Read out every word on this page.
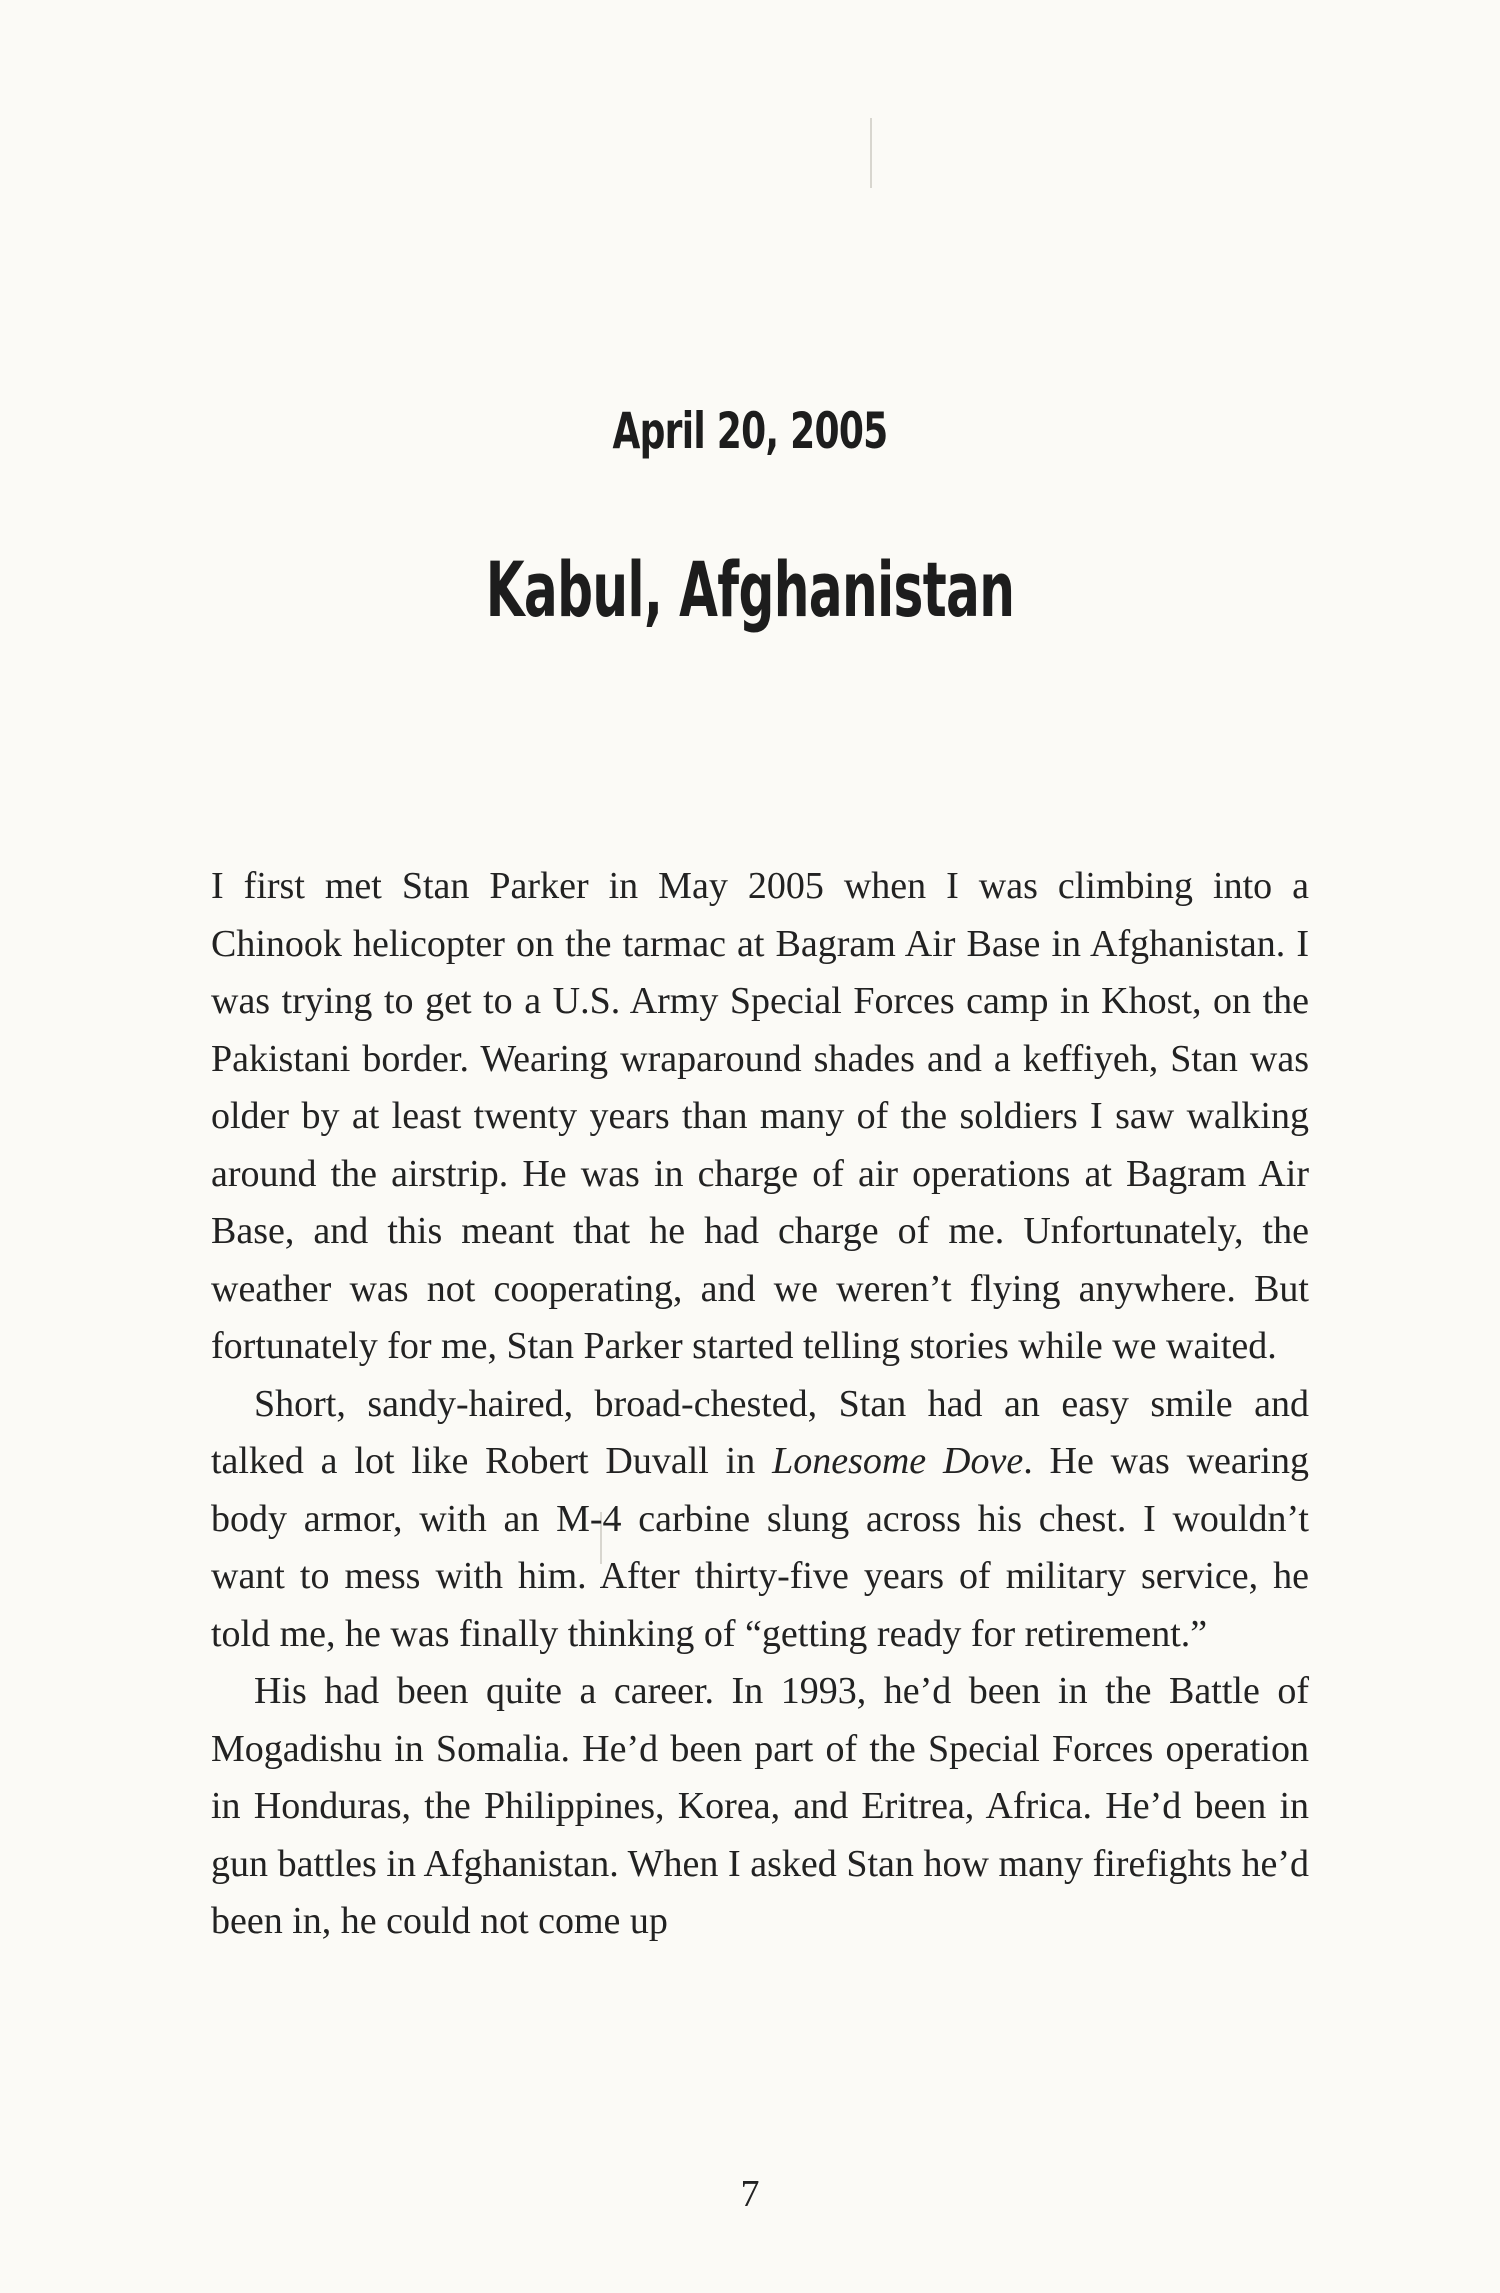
April 20, 2005
Kabul, Afghanistan

I first met Stan Parker in May 2005 when I was climbing into a Chinook helicopter on the tarmac at Bagram Air Base in Afghanistan. I was trying to get to a U.S. Army Special Forces camp in Khost, on the Pakistani border. Wearing wraparound shades and a keffiyeh, Stan was older by at least twenty years than many of the soldiers I saw walking around the airstrip. He was in charge of air operations at Bagram Air Base, and this meant that he had charge of me. Unfortunately, the weather was not cooperating, and we weren’t flying anywhere. But fortunately for me, Stan Parker started telling stories while we waited.

Short, sandy-haired, broad-chested, Stan had an easy smile and talked a lot like Robert Duvall in Lonesome Dove. He was wearing body armor, with an M-4 carbine slung across his chest. I wouldn’t want to mess with him. After thirty-five years of military service, he told me, he was finally thinking of “getting ready for retirement.”

His had been quite a career. In 1993, he’d been in the Battle of Mogadishu in Somalia. He’d been part of the Special Forces operation in Honduras, the Philippines, Korea, and Eritrea, Africa. He’d been in gun battles in Afghanistan. When I asked Stan how many firefights he’d been in, he could not come up

7
